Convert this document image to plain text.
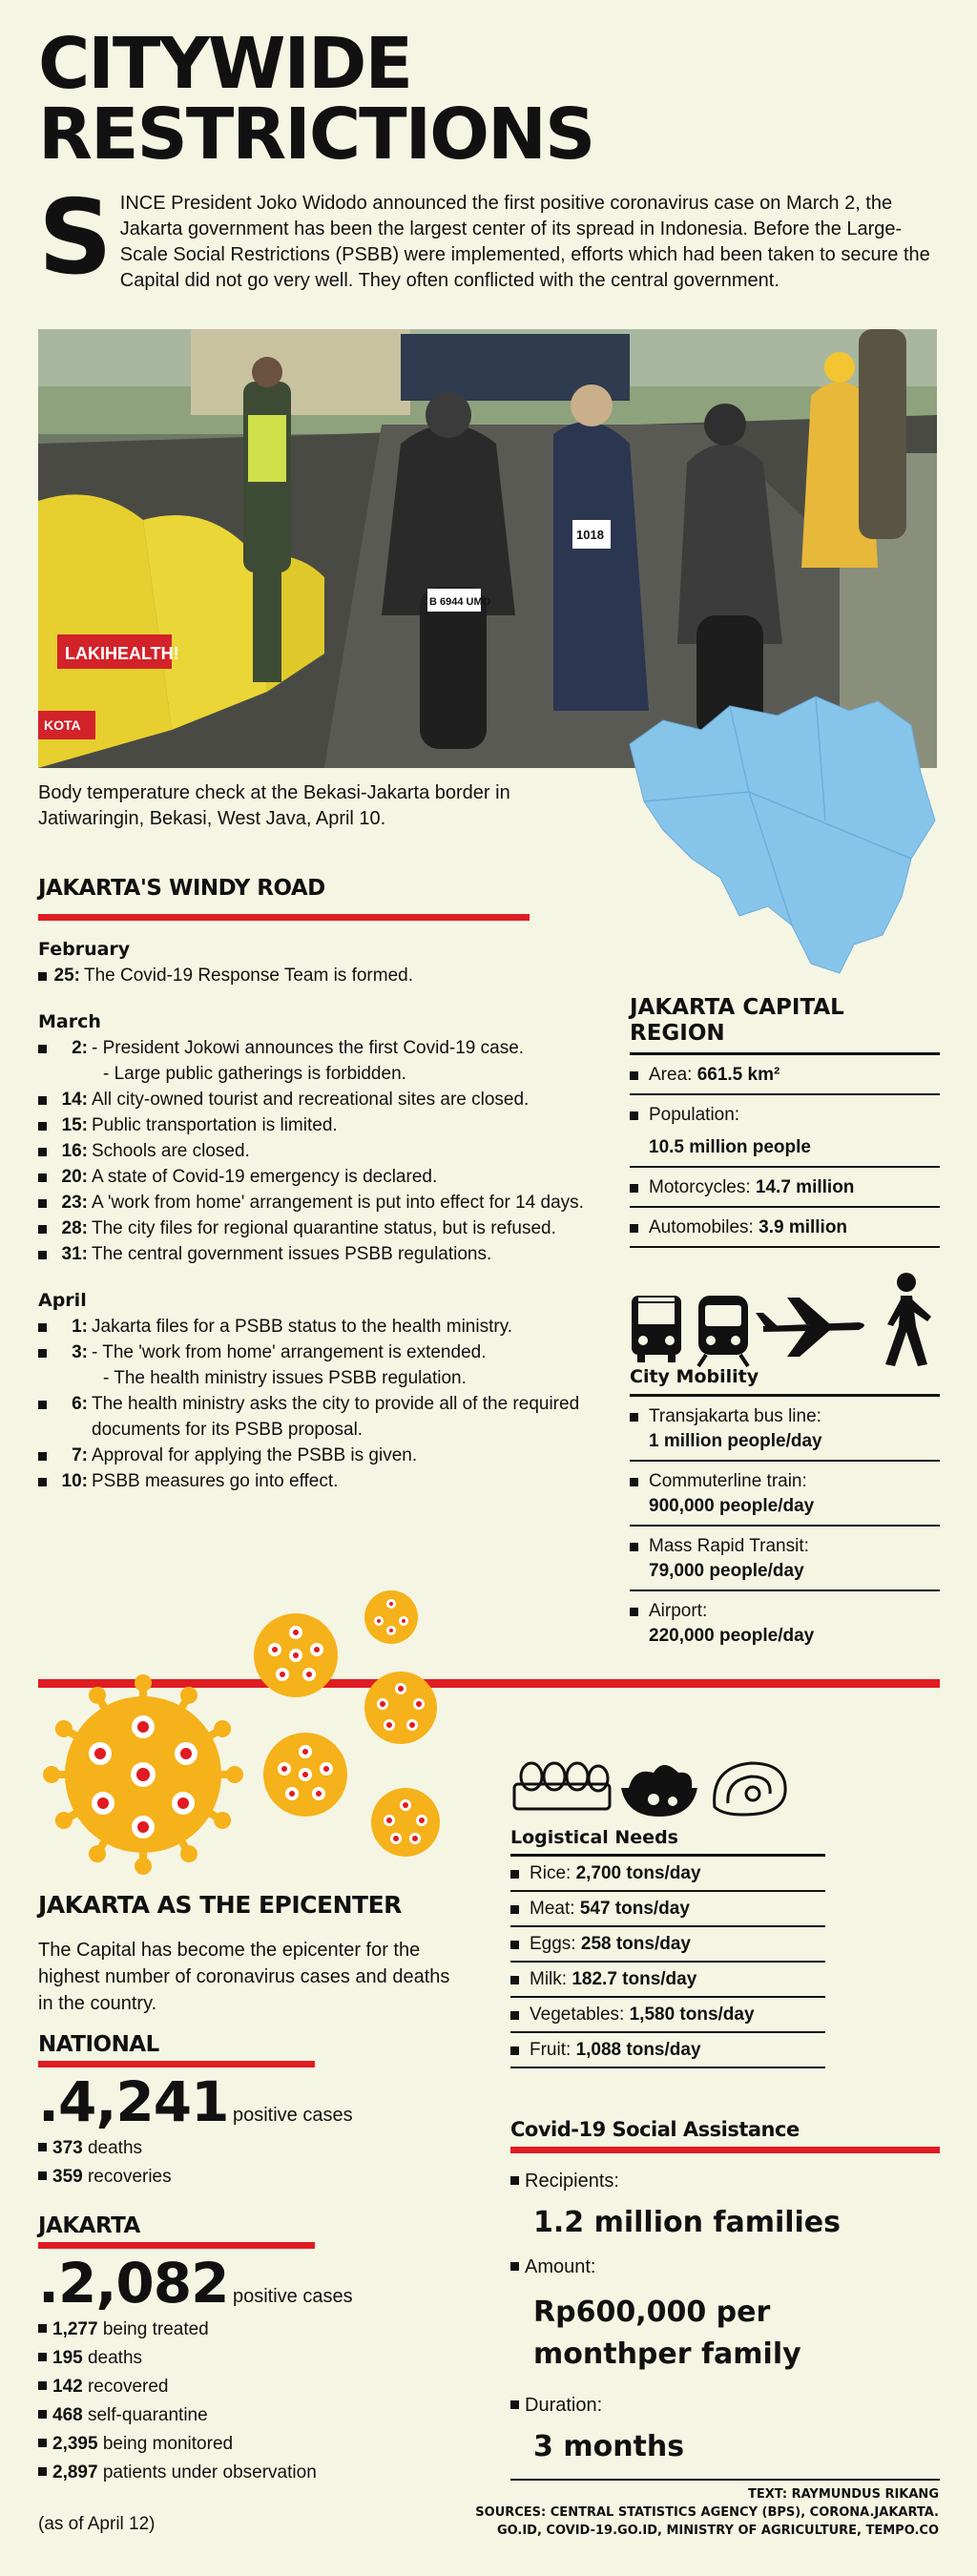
CITYWIDE
RESTRICTIONS
S INCE President Joko Widodo announced the first positive coronavirus case on March 2, the Jakarta government has been the largest center of its spread in Indonesia. Before the Large-Scale Social Restrictions (PSBB) were implemented, efforts which had been taken to secure the Capital did not go very well. They often conflicted with the central government.
LAKIHEALTH!
KOTA
B 6944 UMO
1018
Body temperature check at the Bekasi-Jakarta border in Jatiwaringin, Bekasi, West Java, April 10.
JAKARTA'S WINDY ROAD
February
25: The Covid-19 Response Team is formed.
March
2: - President Jokowi announces the first Covid-19 case.
- Large public gatherings is forbidden.
14: All city-owned tourist and recreational sites are closed.
15: Public transportation is limited.
16: Schools are closed.
20: A state of Covid-19 emergency is declared.
23: A 'work from home' arrangement is put into effect for 14 days.
28: The city files for regional quarantine status, but is refused.
31: The central government issues PSBB regulations.
April
1: Jakarta files for a PSBB status to the health ministry.
3: - The 'work from home' arrangement is extended.
- The health ministry issues PSBB regulation.
6: The health ministry asks the city to provide all of the required documents for its PSBB proposal.
7: Approval for applying the PSBB is given.
10: PSBB measures go into effect.
JAKARTA CAPITAL REGION
Area: 661.5 km²
Population:
10.5 million people
Motorcycles: 14.7 million
Automobiles: 3.9 million
City Mobility
Transjakarta bus line:
1 million people/day
Commuterline train:
900,000 people/day
Mass Rapid Transit:
79,000 people/day
Airport:
220,000 people/day
Logistical Needs
Rice: 2,700 tons/day
Meat: 547 tons/day
Eggs: 258 tons/day
Milk: 182.7 tons/day
Vegetables: 1,580 tons/day
Fruit: 1,088 tons/day
Covid-19 Social Assistance
Recipients:
1.2 million families
Amount:
Rp600,000 per monthper family
Duration:
3 months
JAKARTA AS THE EPICENTER
The Capital has become the epicenter for the highest number of coronavirus cases and deaths in the country.
NATIONAL
.4,241 positive cases
373 deaths
359 recoveries
JAKARTA
.2,082 positive cases
1,277 being treated
195 deaths
142 recovered
468 self-quarantine
2,395 being monitored
2,897 patients under observation
(as of April 12)
TEXT: RAYMUNDUS RIKANG
SOURCES: CENTRAL STATISTICS AGENCY (BPS), CORONA.JAKARTA.
GO.ID, COVID-19.GO.ID, MINISTRY OF AGRICULTURE, TEMPO.CO
